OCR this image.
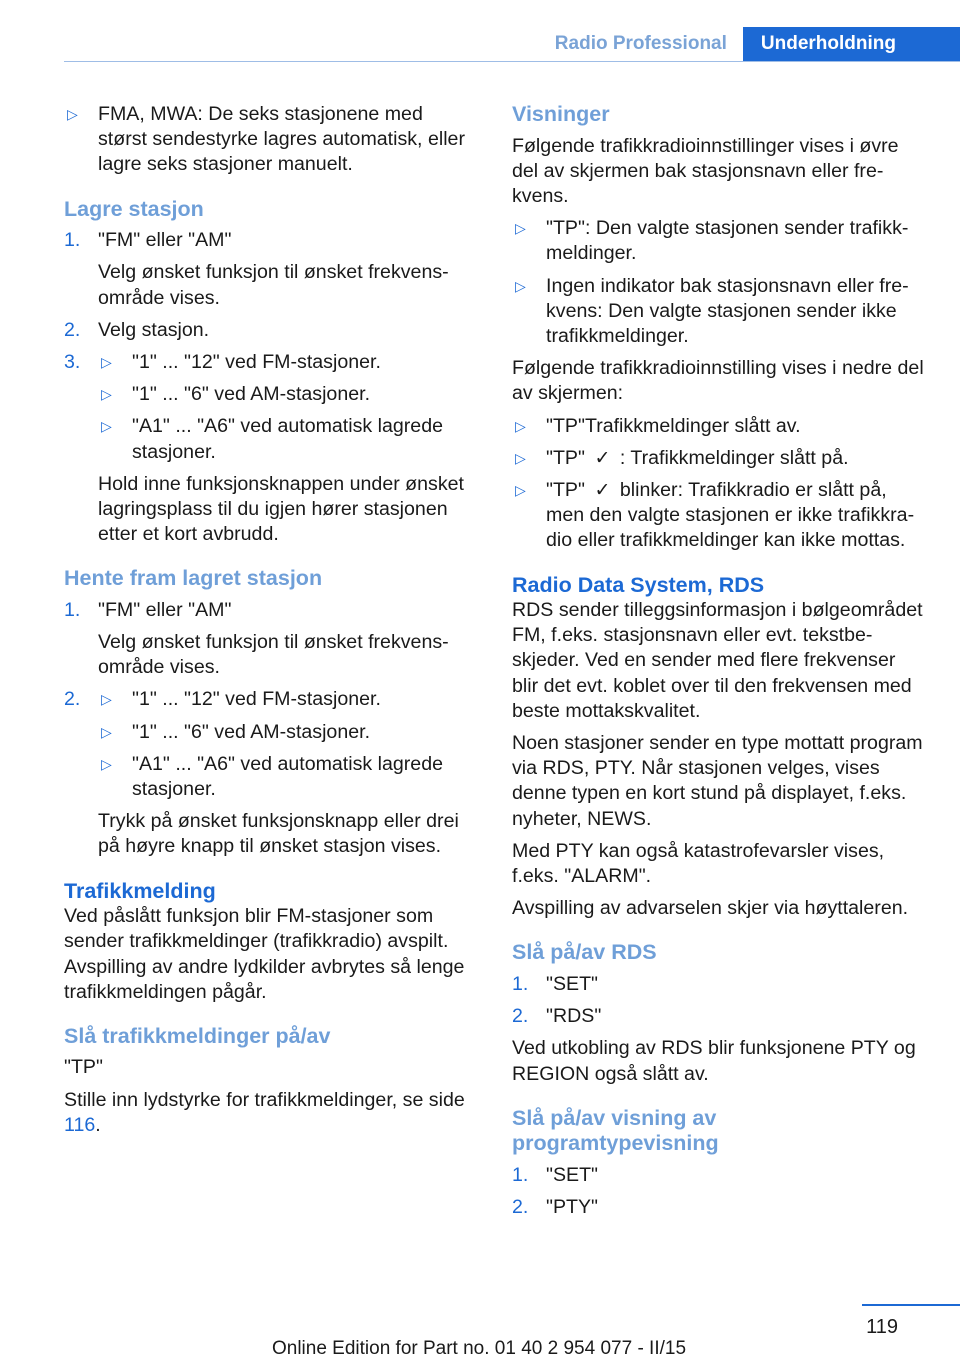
Radio Professional	Underholdning
▷ FMA, MWA: De seks stasjonene med størst sendestyrke lagres automatisk, eller lagre seks stasjoner manuelt.
Lagre stasjon
1. "FM" eller "AM"
Velg ønsket funksjon til ønsket frekvensområde vises.
2. Velg stasjon.
3. ▷ "1" ... "12" ved FM-stasjoner.
▷ "1" ... "6" ved AM-stasjoner.
▷ "A1" ... "A6" ved automatisk lagrede stasjoner.
Hold inne funksjonsknappen under ønsket lagringsplass til du igjen hører stasjonen etter et kort avbrudd.
Hente fram lagret stasjon
1. "FM" eller "AM"
Velg ønsket funksjon til ønsket frekvensområde vises.
2. ▷ "1" ... "12" ved FM-stasjoner.
▷ "1" ... "6" ved AM-stasjoner.
▷ "A1" ... "A6" ved automatisk lagrede stasjoner.
Trykk på ønsket funksjonsknapp eller drei på høyre knapp til ønsket stasjon vises.
Trafikkmelding
Ved påslått funksjon blir FM-stasjoner som sender trafikkmeldinger (trafikkradio) avspilt. Avspilling av andre lydkilder avbrytes så lenge trafikkmeldingen pågår.
Slå trafikkmeldinger på/av
"TP"
Stille inn lydstyrke for trafikkmeldinger, se side 116.
Visninger
Følgende trafikkradioinnstillinger vises i øvre del av skjermen bak stasjonsnavn eller frekvens.
▷ "TP": Den valgte stasjonen sender trafikkmeldinger.
▷ Ingen indikator bak stasjonsnavn eller frekvens: Den valgte stasjonen sender ikke trafikkmeldinger.
Følgende trafikkradioinnstilling vises i nedre del av skjermen:
▷ "TP"Trafikkmeldinger slått av.
▷ "TP" ✓ : Trafikkmeldinger slått på.
▷ "TP" ✓ blinker: Trafikkradio er slått på, men den valgte stasjonen er ikke trafikkradio eller trafikkmeldinger kan ikke mottas.
Radio Data System, RDS
RDS sender tilleggsinformasjon i bølgeområdet FM, f.eks. stasjonsnavn eller evt. tekstbeskjeder. Ved en sender med flere frekvenser blir det evt. koblet over til den frekvensen med beste mottakskvalitet.
Noen stasjoner sender en type mottatt program via RDS, PTY. Når stasjonen velges, vises denne typen en kort stund på displayet, f.eks. nyheter, NEWS.
Med PTY kan også katastrofevarsler vises, f.eks. "ALARM".
Avspilling av advarselen skjer via høyttaleren.
Slå på/av RDS
1. "SET"
2. "RDS"
Ved utkobling av RDS blir funksjonene PTY og REGION også slått av.
Slå på/av visning av programtypevisning
1. "SET"
2. "PTY"
119
Online Edition for Part no. 01 40 2 954 077 - II/15
